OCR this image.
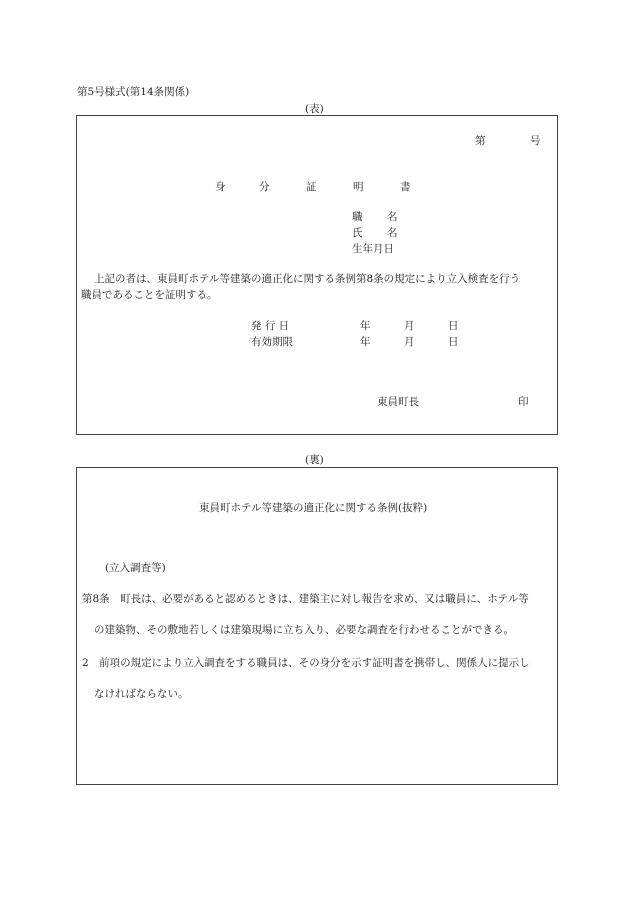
第5号様式(第14条関係)
(表)
第	号
身	分	証	明	書
職 名
氏 名
生年月日
上記の者は、東員町ホテル等建築の適正化に関する条例第8条の規定により立入検査を行う
職員であることを証明する。
発 行 日	年	月	日
有効期限	年	月	日
東員町長	印
(裏)
東員町ホテル等建築の適正化に関する条例(抜粋)
(立入調査等)
第8条　町長は、必要があると認めるときは、建築主に対し報告を求め、又は職員に、ホテル等
の建築物、その敷地若しくは建築現場に立ち入り、必要な調査を行わせることができる。
2　前項の規定により立入調査をする職員は、その身分を示す証明書を携帯し、関係人に提示し
なければならない。
